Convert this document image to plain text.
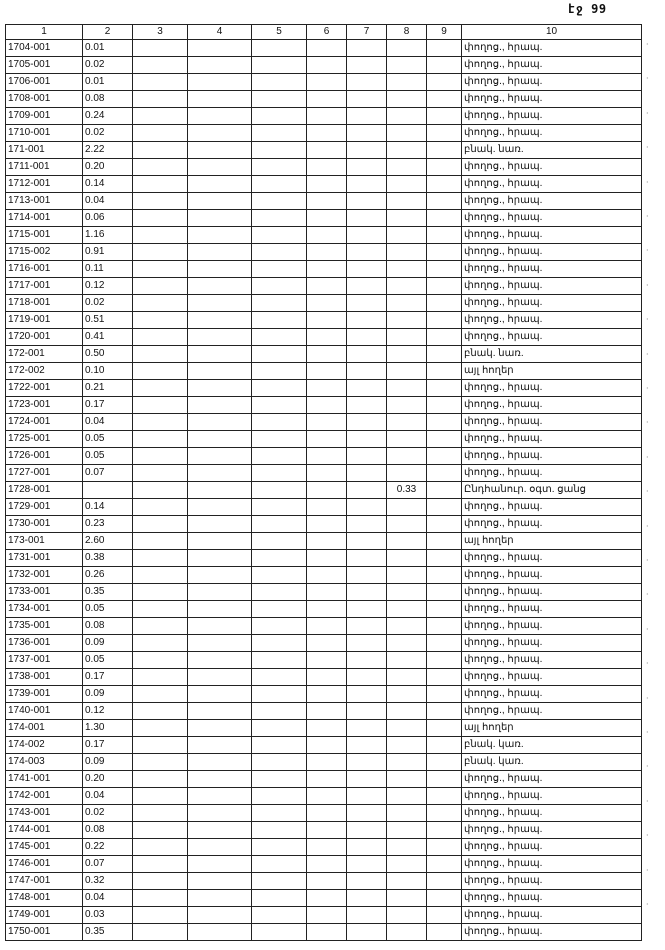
էջ 99
1	2	3	4	5	6	7	8	9	10
1704-001	0.01								փողոց., հրապ.
1705-001	0.02								փողոց., հրապ.
1706-001	0.01								փողոց., հրապ.
1708-001	0.08								փողոց., հրապ.
1709-001	0.24								փողոց., հրապ.
1710-001	0.02								փողոց., հրապ.
171-001	2.22								բնակ. նառ.
1711-001	0.20								փողոց., հրապ.
1712-001	0.14								փողոց., հրապ.
1713-001	0.04								փողոց., հրապ.
1714-001	0.06								փողոց., հրապ.
1715-001	1.16								փողոց., հրապ.
1715-002	0.91								փողոց., հրապ.
1716-001	0.11								փողոց., հրապ.
1717-001	0.12								փողոց., հրապ.
1718-001	0.02								փողոց., հրապ.
1719-001	0.51								փողոց., հրապ.
1720-001	0.41								փողոց., հրապ.
172-001	0.50								բնակ. նառ.
172-002	0.10								այլ հողեր
1722-001	0.21								փողոց., հրապ.
1723-001	0.17								փողոց., հրապ.
1724-001	0.04								փողոց., հրապ.
1725-001	0.05								փողոց., հրապ.
1726-001	0.05								փողոց., հրապ.
1727-001	0.07								փողոց., հրապ.
1728-001							0.33		Ընդհանուր. օգտ. ցանց
1729-001	0.14								փողոց., հրապ.
1730-001	0.23								փողոց., հրապ.
173-001	2.60								այլ հողեր
1731-001	0.38								փողոց., հրապ.
1732-001	0.26								փողոց., հրապ.
1733-001	0.35								փողոց., հրապ.
1734-001	0.05								փողոց., հրապ.
1735-001	0.08								փողոց., հրապ.
1736-001	0.09								փողոց., հրապ.
1737-001	0.05								փողոց., հրապ.
1738-001	0.17								փողոց., հրապ.
1739-001	0.09								փողոց., հրապ.
1740-001	0.12								փողոց., հրապ.
174-001	1.30								այլ հողեր
174-002	0.17								բնակ. կառ.
174-003	0.09								բնակ. կառ.
1741-001	0.20								փողոց., հրապ.
1742-001	0.04								փողոց., հրապ.
1743-001	0.02								փողոց., հրապ.
1744-001	0.08								փողոց., հրապ.
1745-001	0.22								փողոց., հրապ.
1746-001	0.07								փողոց., հրապ.
1747-001	0.32								փողոց., հրապ.
1748-001	0.04								փողոց., հրապ.
1749-001	0.03								փողոց., հրապ.
1750-001	0.35								փողոց., հրապ.
·
·
·
·
·
·
·
·
·
·
·
·
·
·
·
·
·
·
·
·
·
·
·
·
·
·
